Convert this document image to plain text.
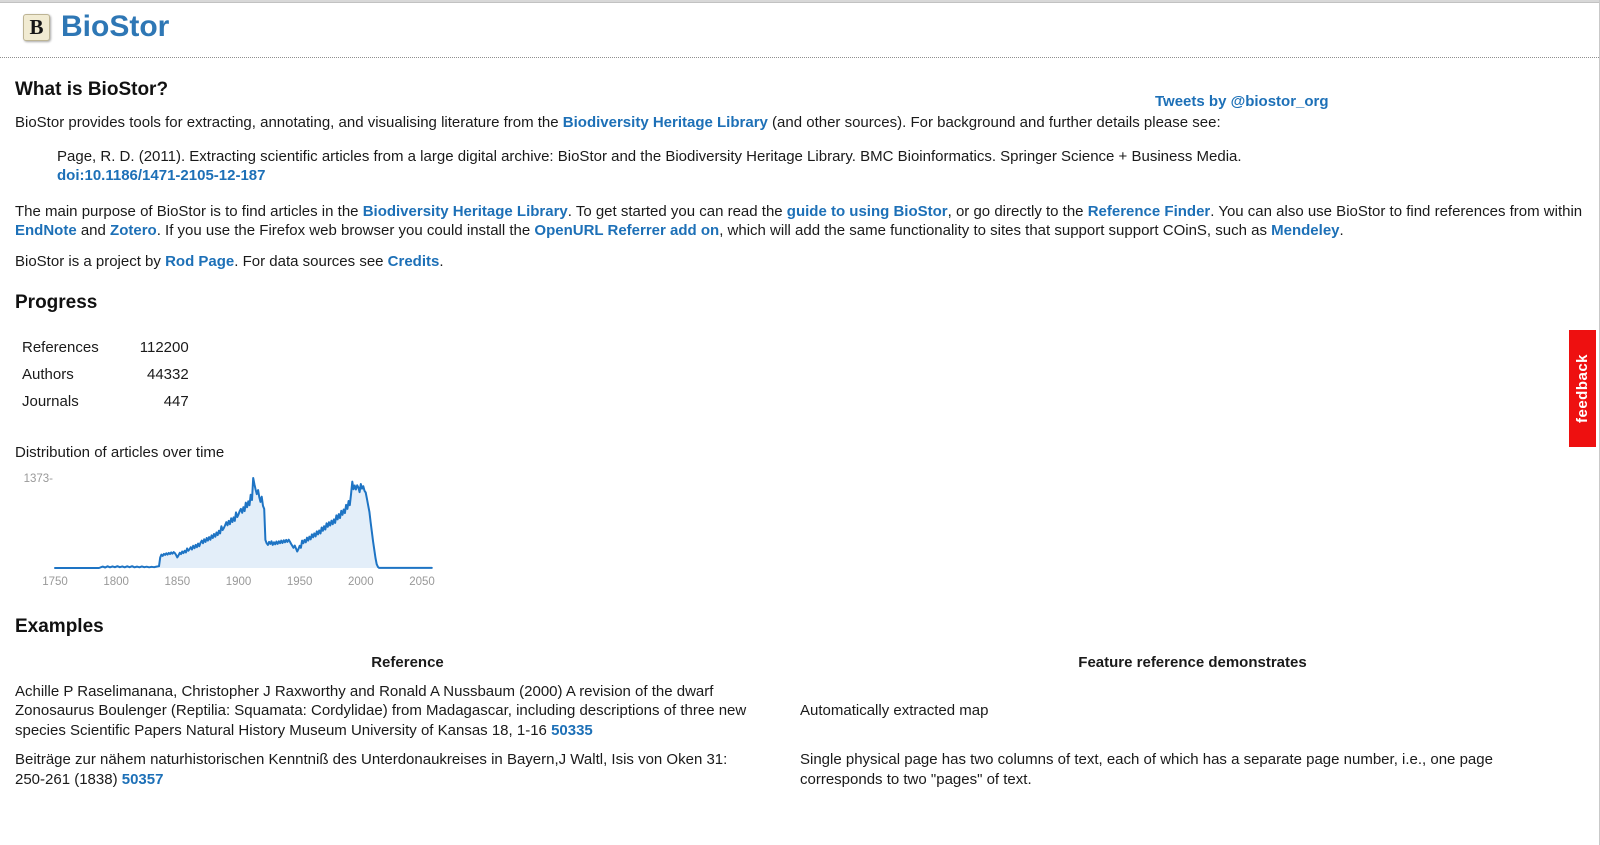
B BioStor
Tweets by @biostor_org
What is BioStor?

BioStor provides tools for extracting, annotating, and visualising literature from the Biodiversity Heritage Library (and other sources). For background and further details please see:

Page, R. D. (2011). Extracting scientific articles from a large digital archive: BioStor and the Biodiversity Heritage Library. BMC Bioinformatics. Springer Science + Business Media.
doi:10.1186/1471-2105-12-187

The main purpose of BioStor is to find articles in the Biodiversity Heritage Library. To get started you can read the guide to using BioStor, or go directly to the Reference Finder. You can also use BioStor to find references from within EndNote and Zotero. If you use the Firefox web browser you could install the OpenURL Referrer add on, which will add the same functionality to sites that support support COinS, such as Mendeley.

BioStor is a project by Rod Page. For data sources see Credits.

Progress
References	112200
Authors	44332
Journals	447

Distribution of articles over time

1373-
1750	1800	1850	1900	1950	2000	2050
Examples
Reference	Feature reference demonstrates
Achille P Raselimanana, Christopher J Raxworthy and Ronald A Nussbaum (2000) A revision of the dwarf Zonosaurus Boulenger (Reptilia: Squamata: Cordylidae) from Madagascar, including descriptions of three new species Scientific Papers Natural History Museum University of Kansas 18, 1-16 50335	Automatically extracted map
Beiträge zur nähem naturhistorischen Kenntniß des Unterdonaukreises in Bayern,J Waltl, Isis von Oken 31: 250-261 (1838) 50357	Single physical page has two columns of text, each of which has a separate page number, i.e., one page corresponds to two "pages" of text.
feedback
